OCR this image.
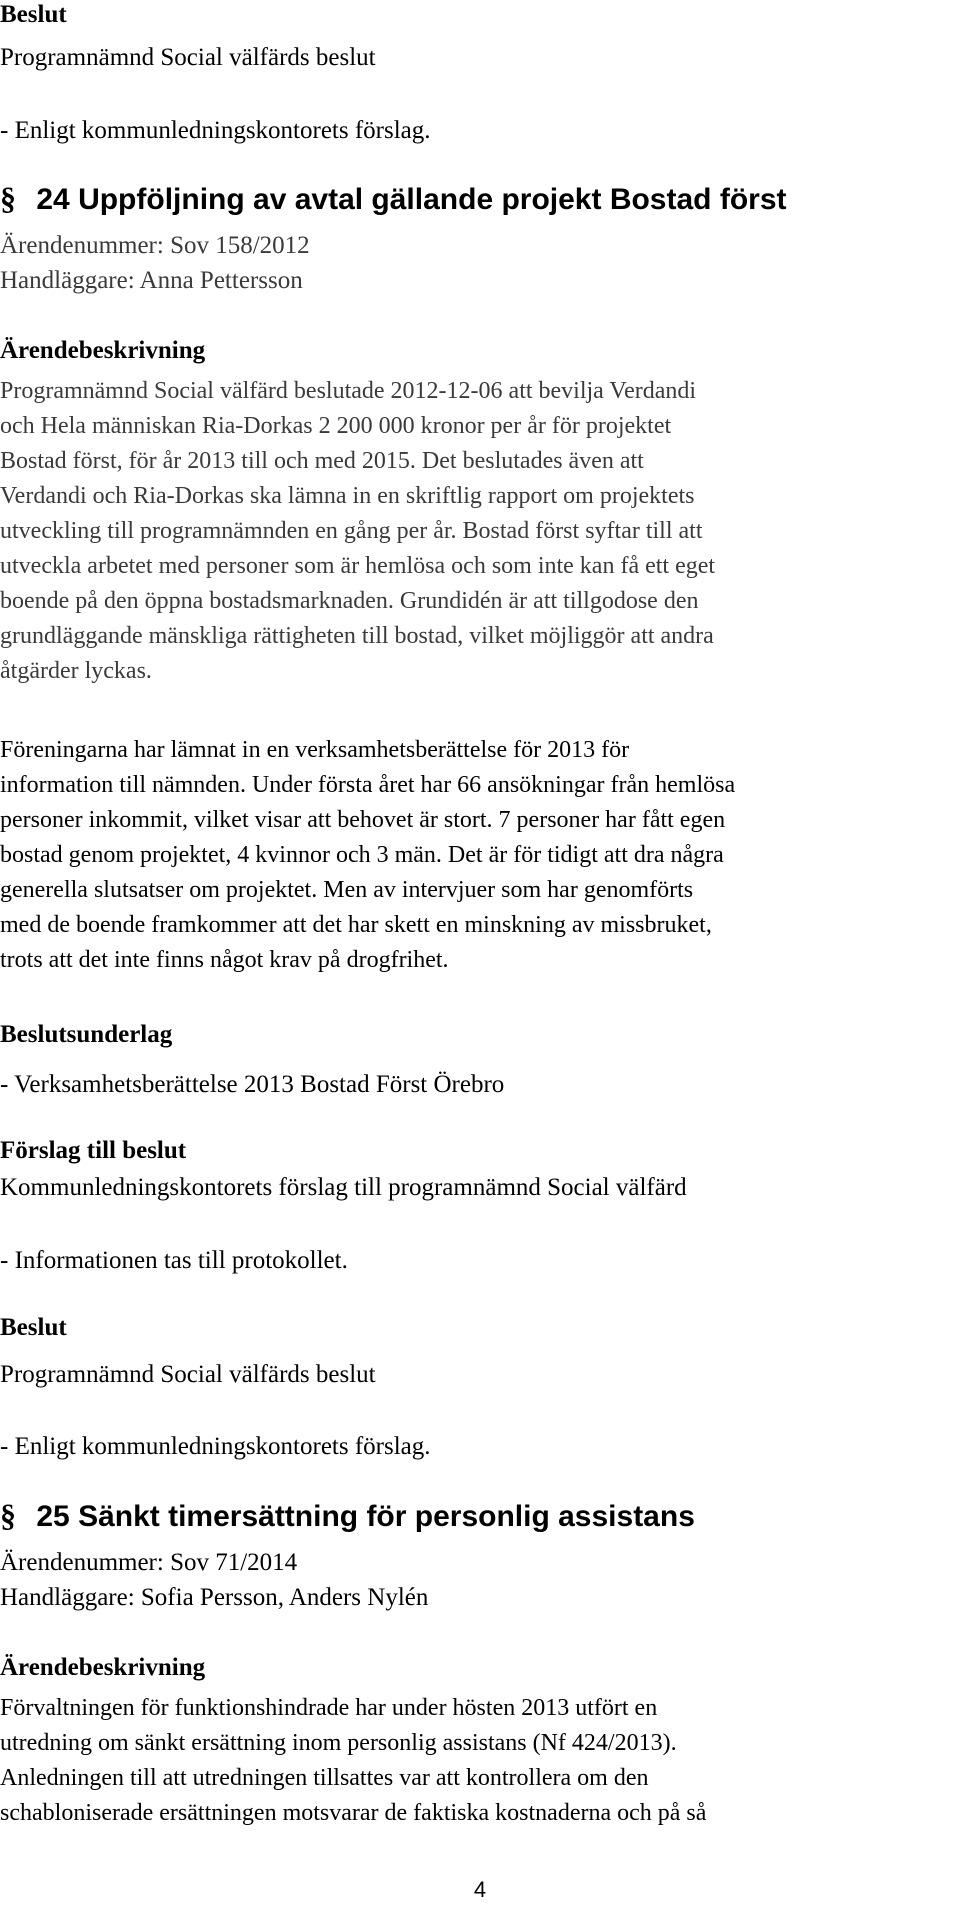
Beslut

Programnämnd Social välfärds beslut

- Enligt kommunledningskontorets förslag.

§ 24 Uppföljning av avtal gällande projekt Bostad först

Ärendenummer: Sov 158/2012

Handläggare: Anna Pettersson

Ärendebeskrivning

Programnämnd Social välfärd beslutade 2012-12-06 att bevilja Verdandi
och Hela människan Ria-Dorkas 2 200 000 kronor per år för projektet
Bostad först, för år 2013 till och med 2015. Det beslutades även att
Verdandi och Ria-Dorkas ska lämna in en skriftlig rapport om projektets
utveckling till programnämnden en gång per år. Bostad först syftar till att
utveckla arbetet med personer som är hemlösa och som inte kan få ett eget
boende på den öppna bostadsmarknaden. Grundidén är att tillgodose den
grundläggande mänskliga rättigheten till bostad, vilket möjliggör att andra
åtgärder lyckas.

Föreningarna har lämnat in en verksamhetsberättelse för 2013 för
information till nämnden. Under första året har 66 ansökningar från hemlösa
personer inkommit, vilket visar att behovet är stort. 7 personer har fått egen
bostad genom projektet, 4 kvinnor och 3 män. Det är för tidigt att dra några
generella slutsatser om projektet. Men av intervjuer som har genomförts
med de boende framkommer att det har skett en minskning av missbruket,
trots att det inte finns något krav på drogfrihet.

Beslutsunderlag

- Verksamhetsberättelse 2013 Bostad Först Örebro

Förslag till beslut

Kommunledningskontorets förslag till programnämnd Social välfärd

- Informationen tas till protokollet.

Beslut

Programnämnd Social välfärds beslut

- Enligt kommunledningskontorets förslag.

§ 25 Sänkt timersättning för personlig assistans

Ärendenummer: Sov 71/2014

Handläggare: Sofia Persson, Anders Nylén

Ärendebeskrivning

Förvaltningen för funktionshindrade har under hösten 2013 utfört en
utredning om sänkt ersättning inom personlig assistans (Nf 424/2013).
Anledningen till att utredningen tillsattes var att kontrollera om den
schabloniserade ersättningen motsvarar de faktiska kostnaderna och på så

4
